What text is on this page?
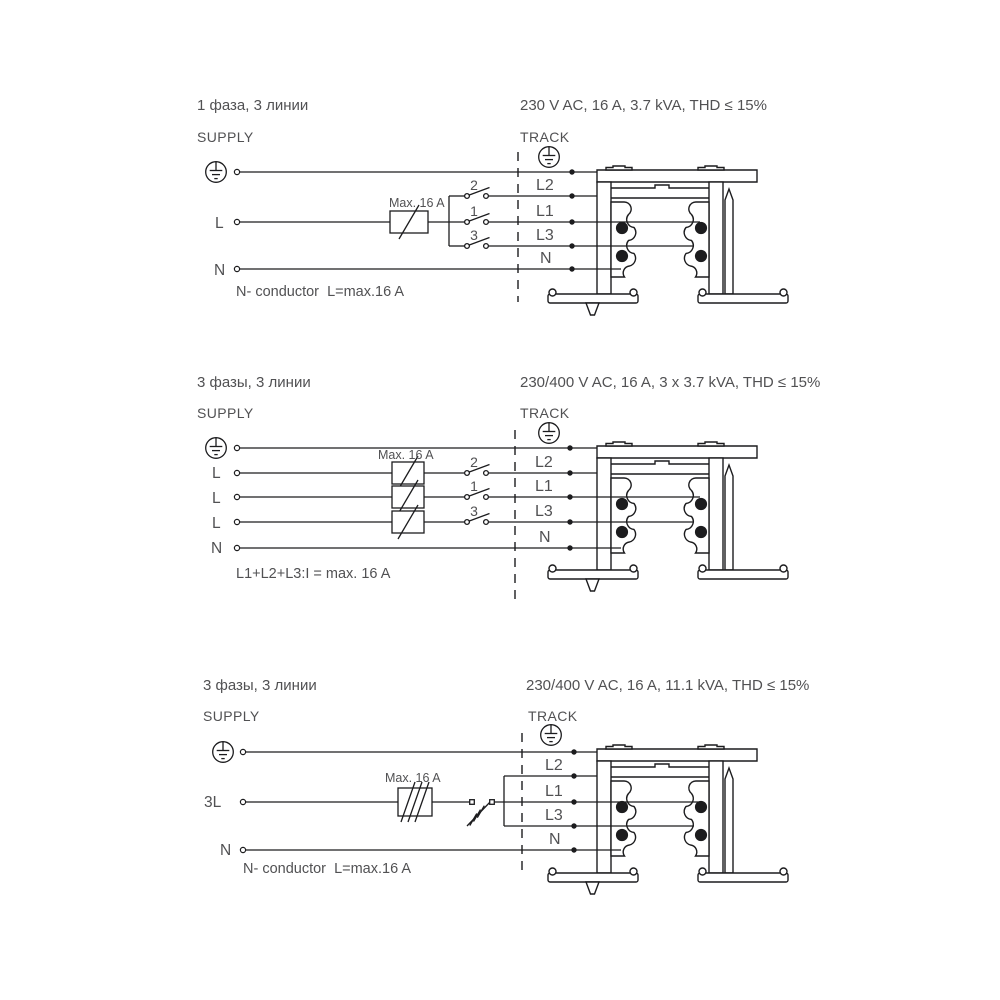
1 фаза, 3 линии	230 V AC, 16 A, 3.7 kVA, THD ≤ 15%
SUPPLY	TRACK
L
N
Max. 16 A
2
1
3
L2
L1
L3
N
N- conductor  L=max.16 A
3 фазы, 3 линии	230/400 V AC, 16 A, 3 x 3.7 kVA, THD ≤ 15%
SUPPLY	TRACK
L
L
L
N
Max. 16 A	2
1
3
L2
L1
L3
N
L1+L2+L3:I = max. 16 A
3 фазы, 3 линии	230/400 V AC, 16 A, 11.1 kVA, THD ≤ 15%
SUPPLY	TRACK
3L
N
Max. 16 A
L2
L1
L3
N
N- conductor  L=max.16 A
